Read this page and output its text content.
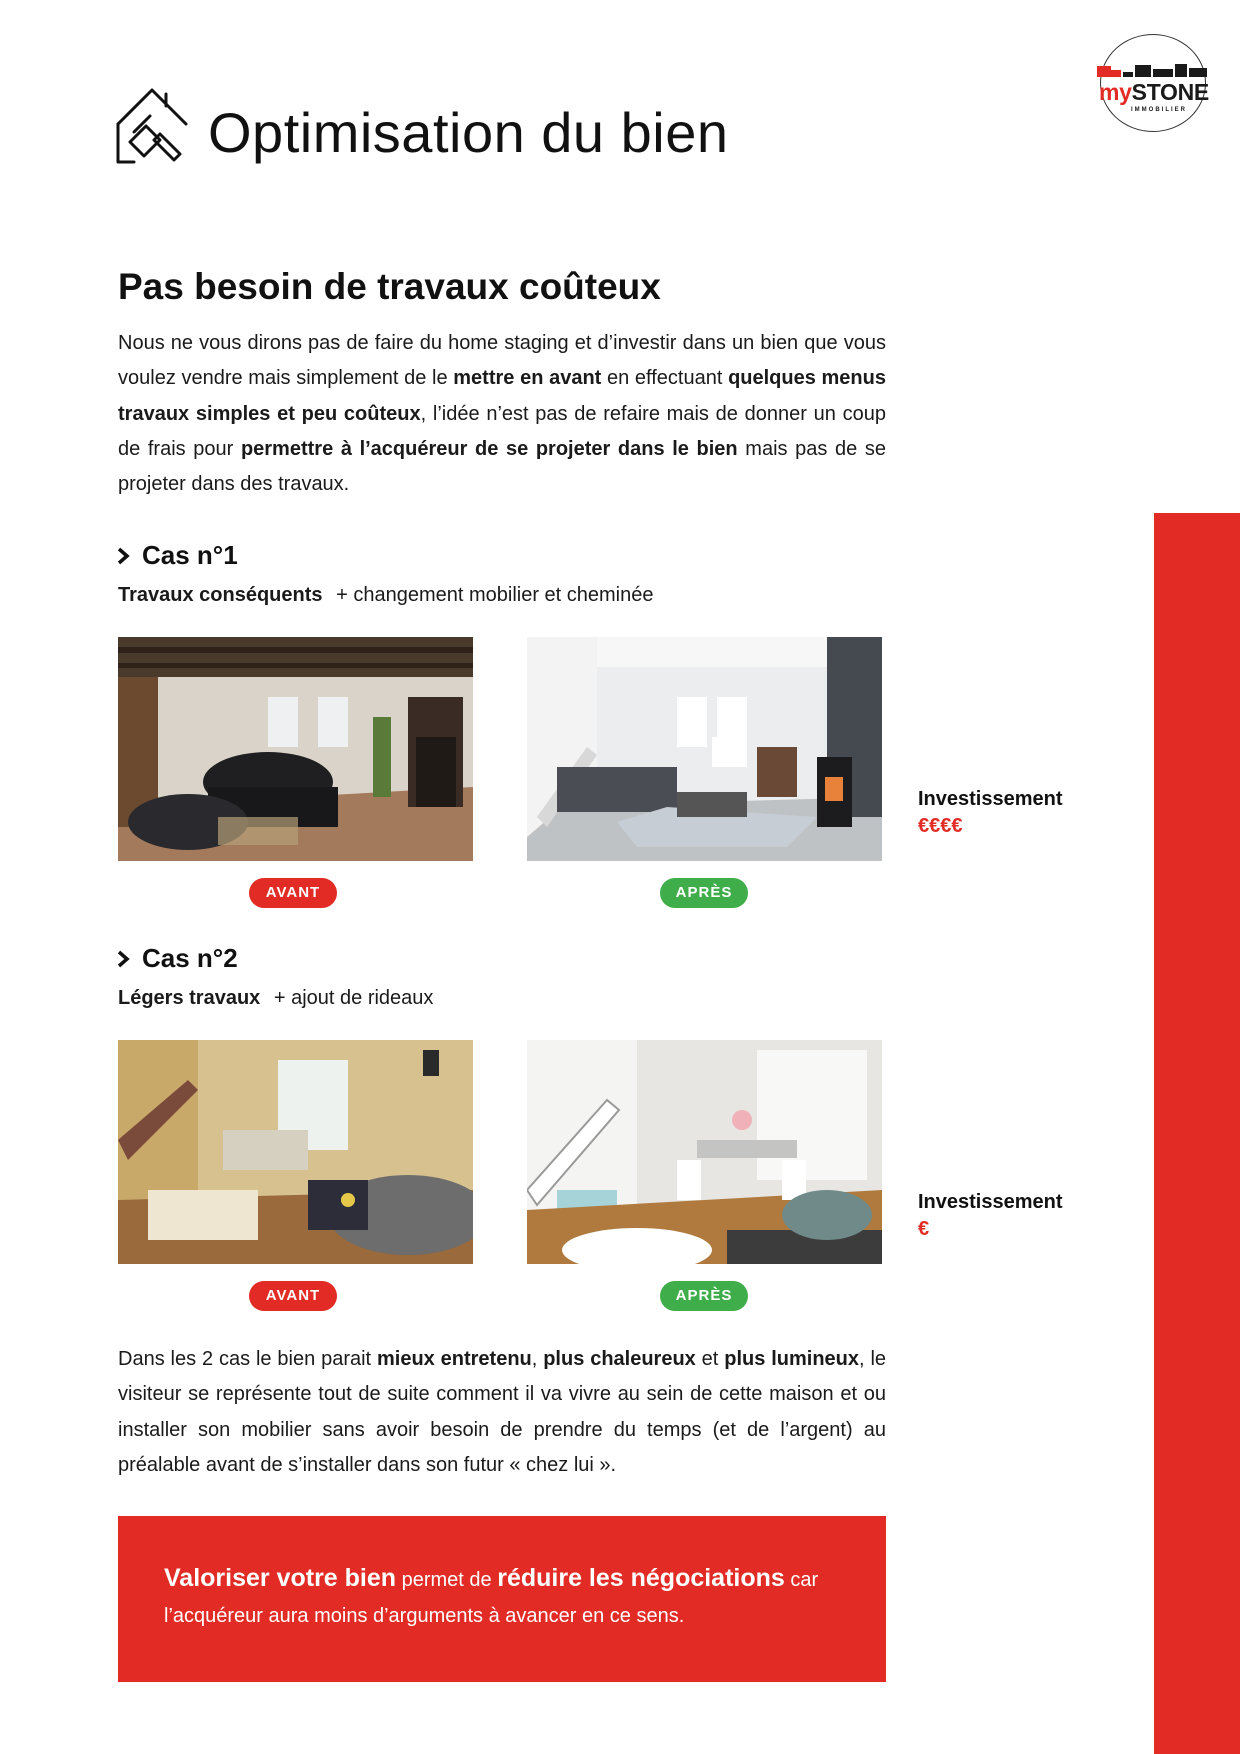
mySTONE
IMMOBILIER
Optimisation du bien
Pas besoin de travaux coûteux

Nous ne vous dirons pas de faire du home staging et d’investir dans un bien que vous voulez vendre mais simplement de le mettre en avant en effectuant quelques menus travaux simples et peu coûteux, l’idée n’est pas de refaire mais de donner un coup de frais pour permettre à l’acquéreur de se projeter dans le bien mais pas de se projeter dans des travaux.

Cas n°1
Travaux conséquents + changement mobilier et cheminée
AVANT	APRÈS
Investissement
€€€€
Cas n°2
Légers travaux + ajout de rideaux
AVANT	APRÈS
Investissement
€

Dans les 2 cas le bien parait mieux entretenu, plus chaleureux et plus lumineux, le visiteur se représente tout de suite comment il va vivre au sein de cette maison et ou installer son mobilier sans avoir besoin de prendre du temps (et de l’argent) au préalable avant de s’installer dans son futur « chez lui ».

Valoriser votre bien permet de réduire les négociations car l’acquéreur aura moins d’arguments à avancer en ce sens.
